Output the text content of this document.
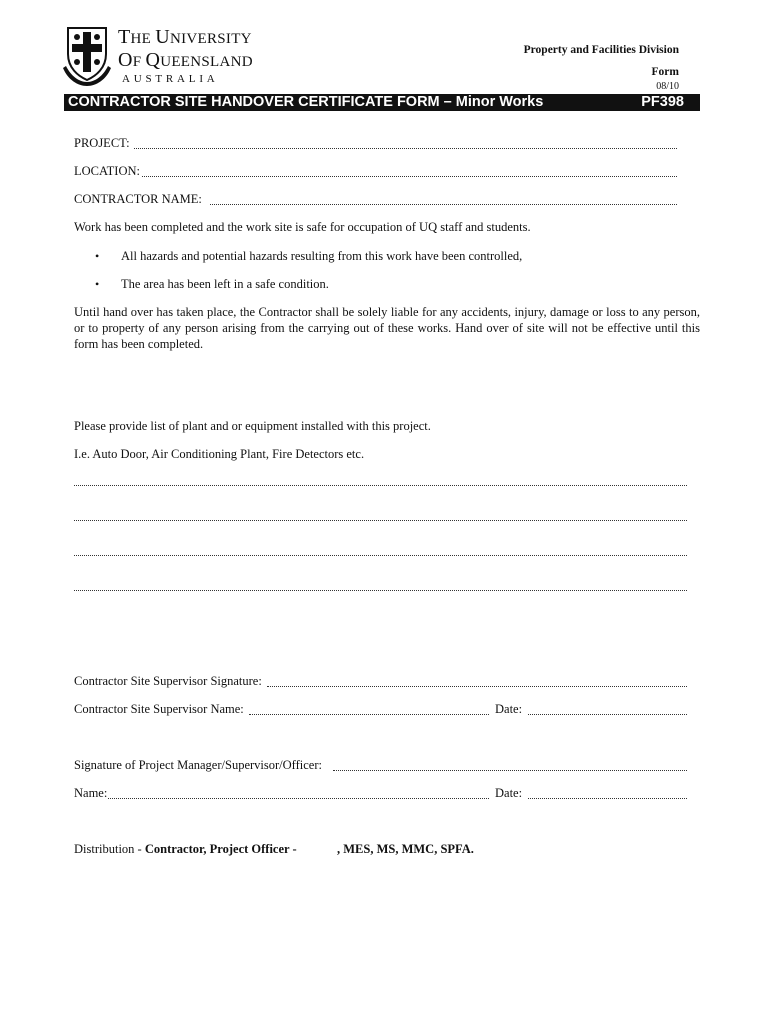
THE UNIVERSITY
OF QUEENSLAND
AUSTRALIA
Property and Facilities Division
Form
08/10
CONTRACTOR SITE HANDOVER CERTIFICATE FORM – Minor Works	PF398
PROJECT:
LOCATION:
CONTRACTOR NAME:
Work has been completed and the work site is safe for occupation of UQ staff and students.
• All hazards and potential hazards resulting from this work have been controlled,
• The area has been left in a safe condition.
Until hand over has taken place, the Contractor shall be solely liable for any accidents, injury, damage or loss to any person, or to property of any person arising from the carrying out of these works. Hand over of site will not be effective until this form has been completed.
Please provide list of plant and or equipment installed with this project.
I.e. Auto Door, Air Conditioning Plant, Fire Detectors etc.
Contractor Site Supervisor Signature:
Contractor Site Supervisor Name:	Date:
Signature of Project Manager/Supervisor/Officer:
Name:	Date:
Distribution - Contractor, Project Officer -	, MES, MS, MMC, SPFA.
